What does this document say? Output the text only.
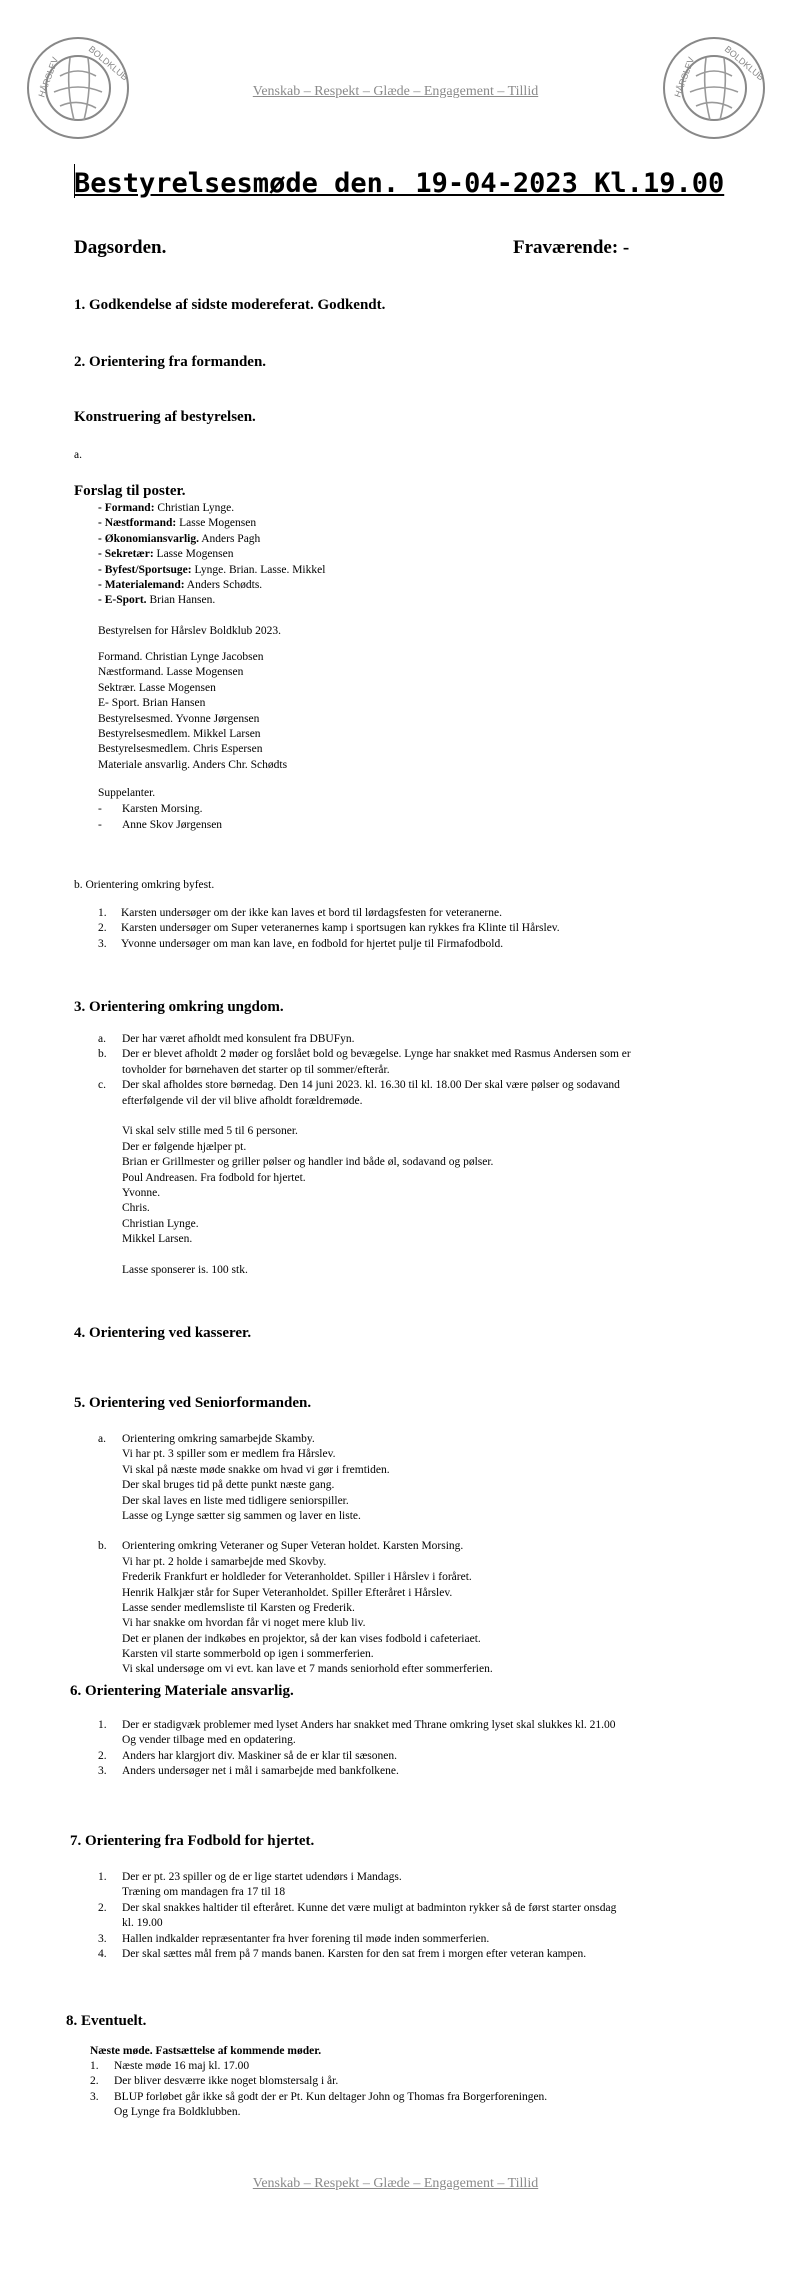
HÅRSLEV	BOLDKLUB	HÅRSLEV	BOLDKLUB
Venskab – Respekt – Glæde – Engagement – Tillid
Bestyrelsesmøde den. 19-04-2023 Kl.19.00
Dagsorden.	Fraværende: -
1. Godkendelse af sidste modereferat. Godkendt.
2. Orientering fra formanden.
Konstruering af bestyrelsen.
a.
Forslag til poster.
- Formand: Christian Lynge.
- Næstformand: Lasse Mogensen
- Økonomiansvarlig. Anders Pagh
- Sekretær: Lasse Mogensen
- Byfest/Sportsuge: Lynge. Brian. Lasse. Mikkel
- Materialemand: Anders Schødts.
- E-Sport. Brian Hansen.
Bestyrelsen for Hårslev Boldklub 2023.
Formand. Christian Lynge Jacobsen
Næstformand. Lasse Mogensen
Sektrær. Lasse Mogensen
E- Sport. Brian Hansen
Bestyrelsesmed. Yvonne Jørgensen
Bestyrelsesmedlem. Mikkel Larsen
Bestyrelsesmedlem. Chris Espersen
Materiale ansvarlig. Anders Chr. Schødts
Suppelanter.
-       Karsten Morsing.
-       Anne Skov Jørgensen
b. Orientering omkring byfest.
1.     Karsten undersøger om der ikke kan laves et bord til lørdagsfesten for veteranerne.
2.     Karsten undersøger om Super veteranernes kamp i sportsugen kan rykkes fra Klinte til Hårslev.
3.     Yvonne undersøger om man kan lave, en fodbold for hjertet pulje til Firmafodbold.
3. Orientering omkring ungdom.
a. Der har været afholdt med konsulent fra DBUFyn.
b. Der er blevet afholdt 2 møder og forslået bold og bevægelse. Lynge har snakket med Rasmus Andersen som er
tovholder for børnehaven det starter op til sommer/efterår.
c. Der skal afholdes store børnedag. Den 14 juni 2023. kl. 16.30 til kl. 18.00 Der skal være pølser og sodavand
efterfølgende vil der vil blive afholdt forældremøde.
Vi skal selv stille med 5 til 6 personer.
Der er følgende hjælper pt.
Brian er Grillmester og griller pølser og handler ind både øl, sodavand og pølser.
Poul Andreasen. Fra fodbold for hjertet.
Yvonne.
Chris.
Christian Lynge.
Mikkel Larsen.
Lasse sponserer is. 100 stk.
4. Orientering ved kasserer.
5. Orientering ved Seniorformanden.
a. Orientering omkring samarbejde Skamby.
Vi har pt. 3 spiller som er medlem fra Hårslev.
Vi skal på næste møde snakke om hvad vi gør i fremtiden.
Der skal bruges tid på dette punkt næste gang.
Der skal laves en liste med tidligere seniorspiller.
Lasse og Lynge sætter sig sammen og laver en liste.
b. Orientering omkring Veteraner og Super Veteran holdet. Karsten Morsing.
Vi har pt. 2 holde i samarbejde med Skovby.
Frederik Frankfurt er holdleder for Veteranholdet. Spiller i Hårslev i foråret.
Henrik Halkjær står for Super Veteranholdet. Spiller Efteråret i Hårslev.
Lasse sender medlemsliste til Karsten og Frederik.
Vi har snakke om hvordan får vi noget mere klub liv.
Det er planen der indkøbes en projektor, så der kan vises fodbold i cafeteriaet.
Karsten vil starte sommerbold op igen i sommerferien.
Vi skal undersøge om vi evt. kan lave et 7 mands seniorhold efter sommerferien.
6. Orientering Materiale ansvarlig.
1. Der er stadigvæk problemer med lyset Anders har snakket med Thrane omkring lyset skal slukkes kl. 21.00
Og vender tilbage med en opdatering.
2. Anders har klargjort div. Maskiner så de er klar til sæsonen.
3. Anders undersøger net i mål i samarbejde med bankfolkene.
7. Orientering fra Fodbold for hjertet.
1. Der er pt. 23 spiller og de er lige startet udendørs i Mandags.
Træning om mandagen fra 17 til 18
2. Der skal snakkes haltider til efteråret. Kunne det være muligt at badminton rykker så de først starter onsdag
kl. 19.00
3. Hallen indkalder repræsentanter fra hver forening til møde inden sommerferien.
4. Der skal sættes mål frem på 7 mands banen. Karsten for den sat frem i morgen efter veteran kampen.
8. Eventuelt.
Næste møde. Fastsættelse af kommende møder.
1. Næste møde 16 maj kl. 17.00
2. Der bliver desværre ikke noget blomstersalg i år.
3. BLUP forløbet går ikke så godt der er Pt. Kun deltager John og Thomas fra Borgerforeningen.
Og Lynge fra Boldklubben.
Venskab – Respekt – Glæde – Engagement – Tillid
